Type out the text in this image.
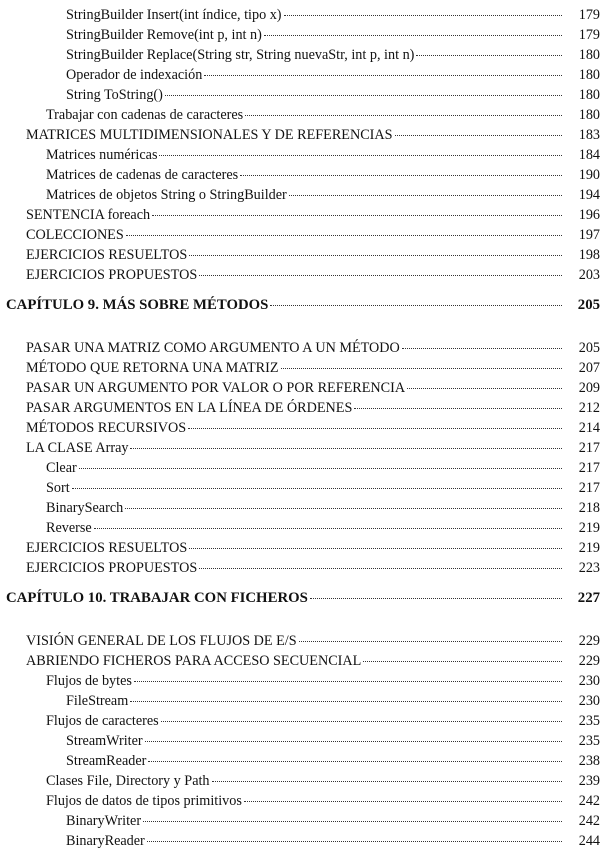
StringBuilder Insert(int índice, tipo x)	179
StringBuilder Remove(int p, int n)	179
StringBuilder Replace(String str, String nuevaStr, int p, int n)	180
Operador de indexación	180
String ToString()	180
Trabajar con cadenas de caracteres	180
MATRICES MULTIDIMENSIONALES Y DE REFERENCIAS	183
Matrices numéricas	184
Matrices de cadenas de caracteres	190
Matrices de objetos String o StringBuilder	194
SENTENCIA foreach	196
COLECCIONES	197
EJERCICIOS RESUELTOS	198
EJERCICIOS PROPUESTOS	203
CAPÍTULO 9. MÁS SOBRE MÉTODOS	205
PASAR UNA MATRIZ COMO ARGUMENTO A UN MÉTODO	205
MÉTODO QUE RETORNA UNA MATRIZ	207
PASAR UN ARGUMENTO POR VALOR O POR REFERENCIA	209
PASAR ARGUMENTOS EN LA LÍNEA DE ÓRDENES	212
MÉTODOS RECURSIVOS	214
LA CLASE Array	217
Clear	217
Sort	217
BinarySearch	218
Reverse	219
EJERCICIOS RESUELTOS	219
EJERCICIOS PROPUESTOS	223
CAPÍTULO 10. TRABAJAR CON FICHEROS	227
VISIÓN GENERAL DE LOS FLUJOS DE E/S	229
ABRIENDO FICHEROS PARA ACCESO SECUENCIAL	229
Flujos de bytes	230
FileStream	230
Flujos de caracteres	235
StreamWriter	235
StreamReader	238
Clases File, Directory y Path	239
Flujos de datos de tipos primitivos	242
BinaryWriter	242
BinaryReader	244
